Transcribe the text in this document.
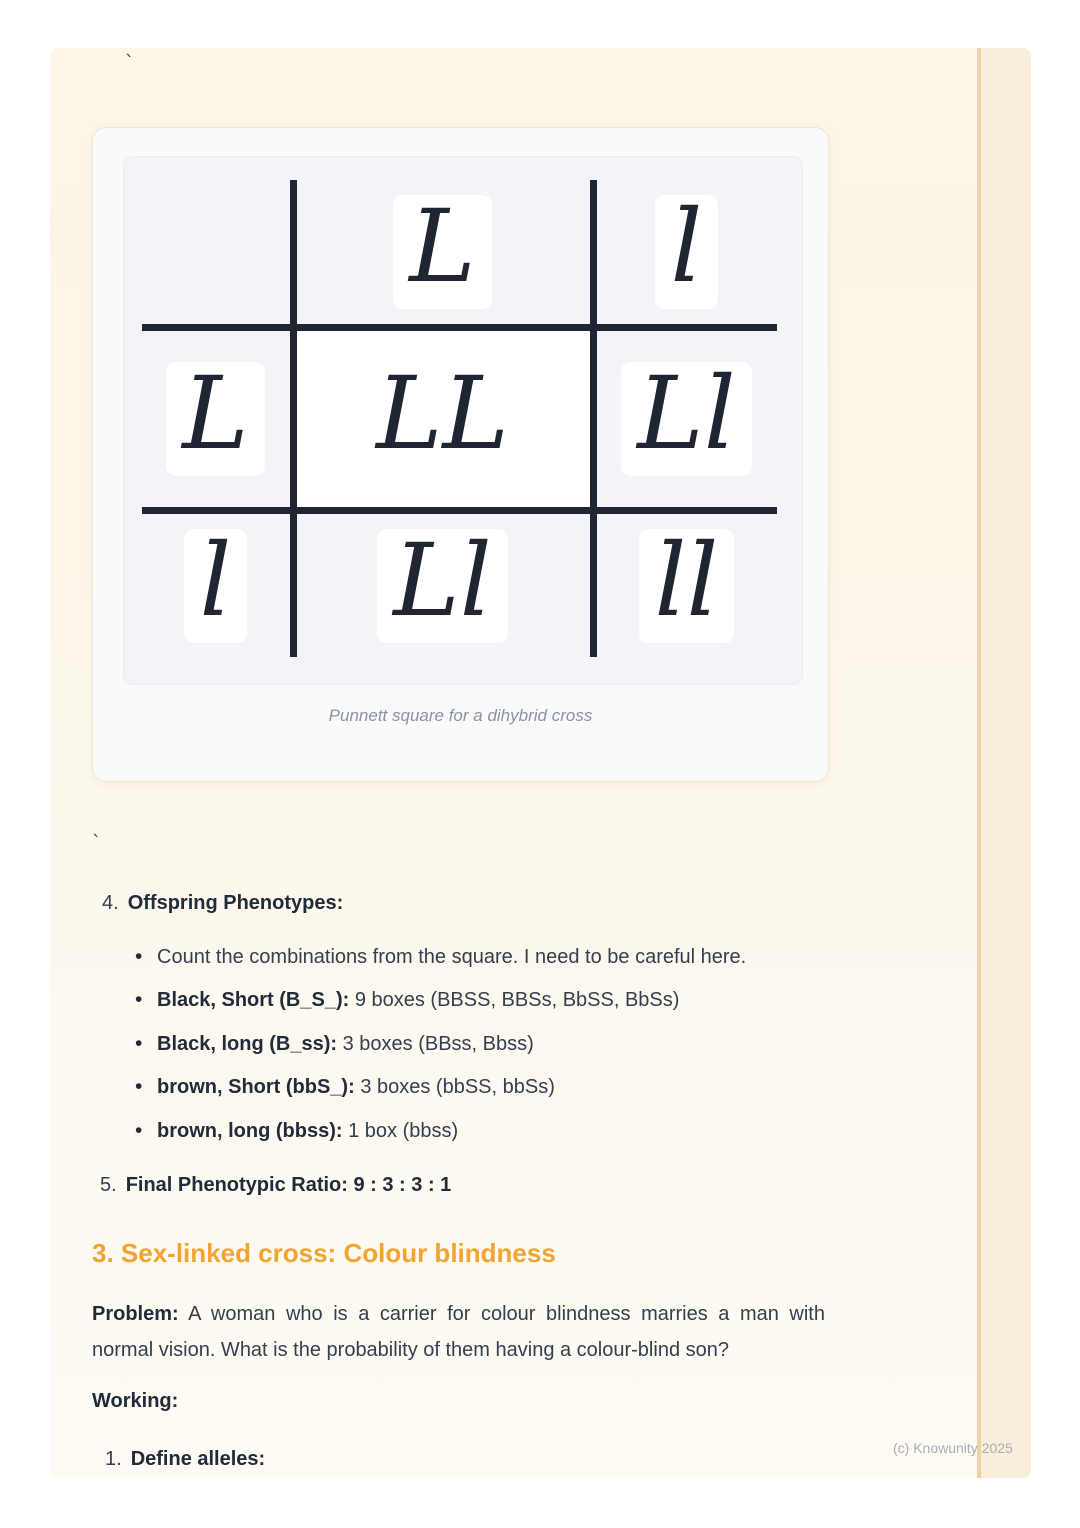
`
L l
L LL Ll
l Ll ll
Punnett square for a dihybrid cross
`
4. Offspring Phenotypes:
• Count the combinations from the square. I need to be careful here.
• Black, Short (B_S_): 9 boxes (BBSS, BBSs, BbSS, BbSs)
• Black, long (B_ss): 3 boxes (BBss, Bbss)
• brown, Short (bbS_): 3 boxes (bbSS, bbSs)
• brown, long (bbss): 1 box (bbss)
5. Final Phenotypic Ratio: 9 : 3 : 3 : 1
3. Sex-linked cross: Colour blindness

Problem: A woman who is a carrier for colour blindness marries a man with normal vision. What is the probability of them having a colour-blind son?

Working:
1. Define alleles:	(c) Knowunity 2025
